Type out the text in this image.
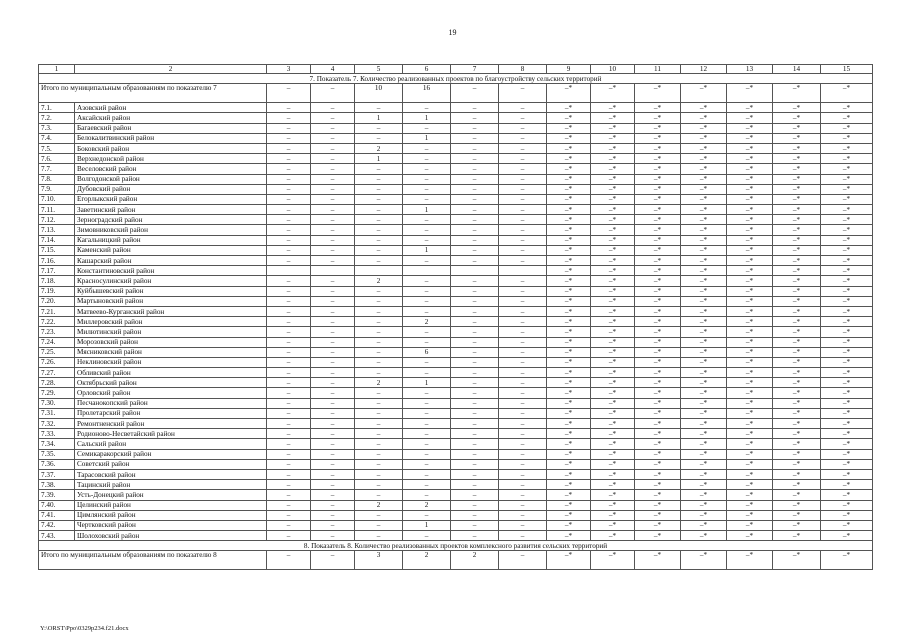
19
1	2	3	4	5	6	7	8	9	10	11	12	13	14	15
7. Показатель 7. Количество реализованных проектов по благоустройству сельских территорий														
Итого по муниципальным образованиям по показателю 7		–	–	10	16	–	–	–*	–*	–*	–*	–*	–*	–*
7.1.	Азовский район	–	–	–	–	–	–	–*	–*	–*	–*	–*	–*	–*
7.2.	Аксайский район	–	–	1	1	–	–	–*	–*	–*	–*	–*	–*	–*
7.3.	Багаевский район	–	–	–	–	–	–	–*	–*	–*	–*	–*	–*	–*
7.4.	Белокалитвинский район	–	–	–	1	–	–	–*	–*	–*	–*	–*	–*	–*
7.5.	Боковский район	–	–	2	–	–	–	–*	–*	–*	–*	–*	–*	–*
7.6.	Верхнедонской район	–	–	1	–	–	–	–*	–*	–*	–*	–*	–*	–*
7.7.	Веселовский район	–	–	–	–	–	–	–*	–*	–*	–*	–*	–*	–*
7.8.	Волгодонской район	–	–	–	–	–	–	–*	–*	–*	–*	–*	–*	–*
7.9.	Дубовский район	–	–	–	–	–	–	–*	–*	–*	–*	–*	–*	–*
7.10.	Егорлыкский район	–	–	–	–	–	–	–*	–*	–*	–*	–*	–*	–*
7.11.	Заветинский район	–	–	–	1	–	–	–*	–*	–*	–*	–*	–*	–*
7.12.	Зерноградский район	–	–	–	–	–	–	–*	–*	–*	–*	–*	–*	–*
7.13.	Зимовниковский район	–	–	–	–	–	–	–*	–*	–*	–*	–*	–*	–*
7.14.	Кагальницкий район	–	–	–	–	–	–	–*	–*	–*	–*	–*	–*	–*
7.15.	Каменский район	–	–	–	1	–	–	–*	–*	–*	–*	–*	–*	–*
7.16.	Кашарский район	–	–	–	–	–	–	–*	–*	–*	–*	–*	–*	–*
7.17.	Константиновский район							–*	–*	–*	–*	–*	–*	–*
7.18.	Красносулинский район	–	–	2	–	–	–	–*	–*	–*	–*	–*	–*	–*
7.19.	Куйбышевский район	–	–	–	–	–	–	–*	–*	–*	–*	–*	–*	–*
7.20.	Мартыновский район	–	–	–	–	–	–	–*	–*	–*	–*	–*	–*	–*
7.21.	Матвеево-Курганский район	–	–	–	–	–	–	–*	–*	–*	–*	–*	–*	–*
7.22.	Миллеровский район	–	–	–	2	–	–	–*	–*	–*	–*	–*	–*	–*
7.23.	Милютинский район	–	–	–	–	–	–	–*	–*	–*	–*	–*	–*	–*
7.24.	Морозовский район	–	–	–	–	–	–	–*	–*	–*	–*	–*	–*	–*
7.25.	Мясниковский район	–	–	–	6	–	–	–*	–*	–*	–*	–*	–*	–*
7.26.	Неклиновский район	–	–	–	–	–	–	–*	–*	–*	–*	–*	–*	–*
7.27.	Обливский район	–	–	–	–	–	–	–*	–*	–*	–*	–*	–*	–*
7.28.	Октябрьский район	–	–	2	1	–	–	–*	–*	–*	–*	–*	–*	–*
7.29.	Орловский район	–	–	–	–	–	–	–*	–*	–*	–*	–*	–*	–*
7.30.	Песчанокопский район	–	–	–	–	–	–	–*	–*	–*	–*	–*	–*	–*
7.31.	Пролетарский район	–	–	–	–	–	–	–*	–*	–*	–*	–*	–*	–*
7.32.	Ремонтненский район	–	–	–	–	–	–	–*	–*	–*	–*	–*	–*	–*
7.33.	Родионово-Несветайский район	–	–	–	–	–	–	–*	–*	–*	–*	–*	–*	–*
7.34.	Сальский район	–	–	–	–	–	–	–*	–*	–*	–*	–*	–*	–*
7.35.	Семикаракорский район	–	–	–	–	–	–	–*	–*	–*	–*	–*	–*	–*
7.36.	Советский район	–	–	–	–	–	–	–*	–*	–*	–*	–*	–*	–*
7.37.	Тарасовский район	–	–	–	–	–	–	–*	–*	–*	–*	–*	–*	–*
7.38.	Тацинский район	–	–	–	–	–	–	–*	–*	–*	–*	–*	–*	–*
7.39.	Усть-Донецкий район	–	–	–	–	–	–	–*	–*	–*	–*	–*	–*	–*
7.40.	Целинский район	–	–	2	2	–	–	–*	–*	–*	–*	–*	–*	–*
7.41.	Цимлянский район	–	–	–	–	–	–	–*	–*	–*	–*	–*	–*	–*
7.42.	Чертковский район	–	–	–	1	–	–	–*	–*	–*	–*	–*	–*	–*
7.43.	Шолоховский район	–	–	–	–	–	–	–*	–*	–*	–*	–*	–*	–*
8. Показатель 8. Количество реализованных проектов комплексного развития сельских территорий														
Итого по муниципальным образованиям по показателю 8		–	–	3	2	2	–	–*	–*	–*	–*	–*	–*	–*
Y:\ORST\Ppo\0329p234.f21.docx
